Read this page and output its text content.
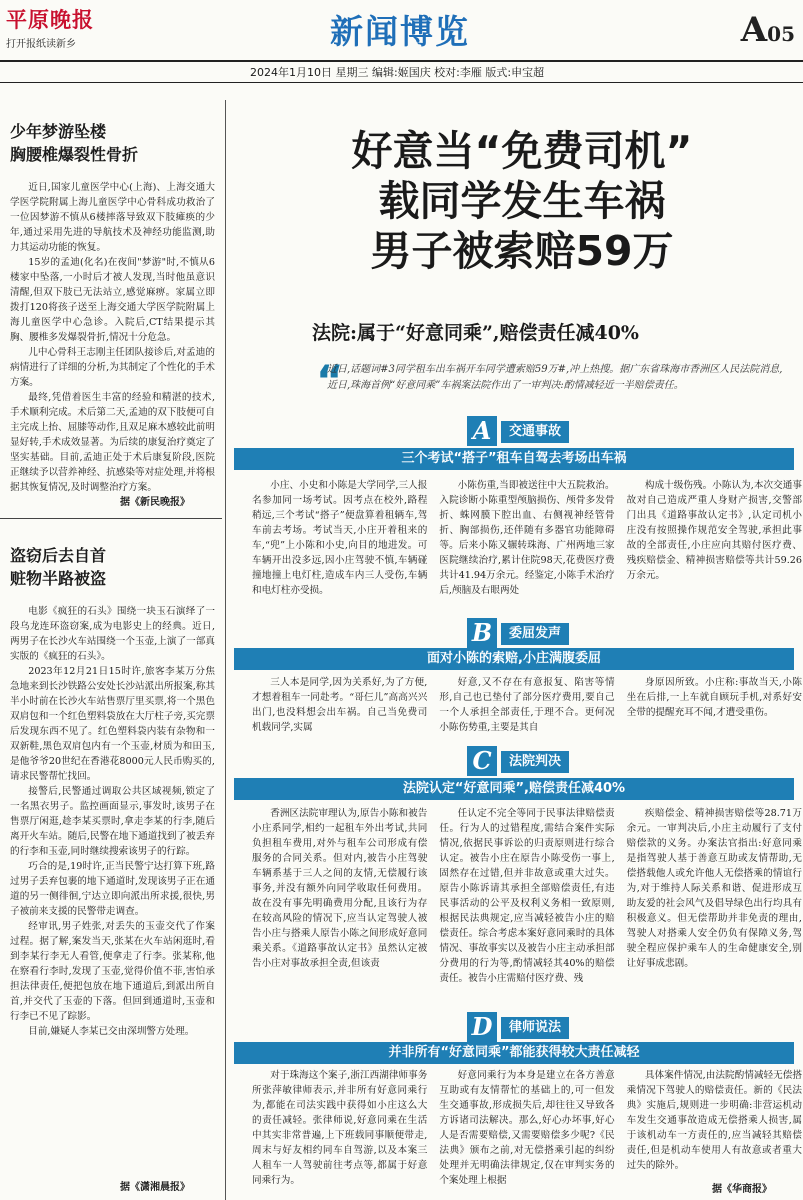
平原晚报
打开报纸读新乡	新闻博览	A05
2024年1月10日 星期三 编辑:姬国庆 校对:李雁 版式:申宝超
少年梦游坠楼
胸腰椎爆裂性骨折

近日,国家儿童医学中心(上海)、上海交通大学医学院附属上海儿童医学中心骨科成功救治了一位因梦游不慎从6楼摔落导致双下肢瘫痪的少年,通过采用先进的导航技术及神经功能监测,助力其运动功能的恢复。

15岁的孟迪(化名)在夜间"梦游"时,不慎从6楼家中坠落,一小时后才被人发现,当时他虽意识清醒,但双下肢已无法站立,感觉麻痹。家属立即拨打120将孩子送至上海交通大学医学院附属上海儿童医学中心急诊。入院后,CT结果提示其胸、腰椎多发爆裂骨折,情况十分危急。

儿中心骨科王志刚主任团队接诊后,对孟迪的病情进行了详细的分析,为其制定了个性化的手术方案。

最终,凭借着医生丰富的经验和精湛的技术,手术顺利完成。术后第二天,孟迪的双下肢便可自主完成上抬、屈膝等动作,且双足麻木感较此前明显好转,手术成效显著。为后续的康复治疗奠定了坚实基础。目前,孟迪正处于术后康复阶段,医院正继续予以营养神经、抗感染等对症处理,并将根据其恢复情况,及时调整治疗方案。

据《新民晚报》
盗窃后去自首
赃物半路被盗

电影《疯狂的石头》围绕一块玉石演绎了一段乌龙连环盗窃案,成为电影史上的经典。近日,两男子在长沙火车站围绕一个玉壶,上演了一部真实版的《疯狂的石头》。

2023年12月21日15时许,旅客李某万分焦急地来到长沙铁路公安处长沙站派出所报案,称其半小时前在长沙火车站售票厅里买票,将一个黑色双肩包和一个红色塑料袋放在大厅柱子旁,买完票后发现东西不见了。红色塑料袋内装有杂物和一双新鞋,黑色双肩包内有一个玉壶,材质为和田玉,是他爷爷20世纪在香港花8000元人民币购买的,请求民警帮忙找回。

接警后,民警通过调取公共区域视频,锁定了一名黑衣男子。监控画面显示,事发时,该男子在售票厅闲逛,趁李某买票时,拿走李某的行李,随后离开火车站。随后,民警在地下通道找到了被丢弃的行李和玉壶,同时继续搜索该男子的行踪。

巧合的是,19时许,正当民警宁达打算下班,路过男子丢弃包裹的地下通道时,发现该男子正在通道的另一侧徘徊,宁达立即向派出所求援,很快,男子被前来支援的民警带走调查。

经审讯,男子姓张,对丢失的玉壶交代了作案过程。据了解,案发当天,张某在火车站闲逛时,看到李某行李无人看管,便拿走了行李。张某称,他在察看行李时,发现了玉壶,觉得价值不菲,害怕承担法律责任,便把包放在地下通道后,到派出所自首,并交代了玉壶的下落。但回到通道时,玉壶和行李已不见了踪影。

目前,嫌疑人李某已交由深圳警方处理。

据《潇湘晨报》
好意当“免费司机”
载同学发生车祸
男子被索赔59万
法院:属于“好意同乘”,赔偿责任减40%
“
近日,话题词#3同学租车出车祸开车同学遭索赔59万#,冲上热搜。据广东省珠海市香洲区人民法院消息,近日,珠海首例“好意同乘”车祸案法院作出了一审判决:酌情减轻近一半赔偿责任。
A	交通事故
三个考试“搭子”租车自驾去考场出车祸

小庄、小史和小陈是大学同学,三人报名参加同一场考试。因考点在校外,路程稍远,三个考试“搭子”便盘算着租辆车,驾车前去考场。考试当天,小庄开着租来的车,“兜”上小陈和小史,向目的地进发。可车辆开出没多远,因小庄驾驶不慎,车辆碰撞地撞上电灯柱,造成车内三人受伤,车辆和电灯柱亦受损。

小陈伤重,当即被送往中大五院救治。入院诊断小陈重型颅脑损伤、颅骨多发骨折、蛛网膜下腔出血、右侧视神经管骨折、胸部损伤,还伴随有多器官功能障碍等。后来小陈又辗转珠海、广州两地三家医院继续治疗,累计住院98天,花费医疗费共计41.94万余元。经鉴定,小陈手术治疗后,颅脑及右眼两处

构成十级伤残。小陈认为,本次交通事故对自己造成严重人身财产损害,交警部门出具《道路事故认定书》,认定司机小庄没有按照操作规范安全驾驶,承担此事故的全部责任,小庄应向其赔付医疗费、残疾赔偿金、精神损害赔偿等共计59.26万余元。

B	委屈发声
面对小陈的索赔,小庄满腹委屈

三人本是同学,因为关系好,为了方便,才想着租车一同赴考。“哥仨儿”高高兴兴出门,也没料想会出车祸。自己当免费司机载同学,实属

好意,又不存在有意报复、陷害等情形,自己也已垫付了部分医疗费用,要自己一个人承担全部责任,于理不合。更何况小陈伤势重,主要是其自

身原因所致。小庄称:事故当天,小陈坐在后排,一上车就自顾玩手机,对系好安全带的提醒充耳不闻,才遭受重伤。

C	法院判决
法院认定“好意同乘”,赔偿责任减40%

香洲区法院审理认为,原告小陈和被告小庄系同学,相约一起租车外出考试,共同负担租车费用,对外与租车公司形成有偿服务的合同关系。但对内,被告小庄驾驶车辆系基于三人之间的友情,无偿履行该事务,并没有额外向同学收取任何费用。故在没有事先明确费用分配,且该行为存在较高风险的情况下,应当认定驾驶人被告小庄与搭乘人原告小陈之间形成好意同乘关系。《道路事故认定书》虽然认定被告小庄对事故承担全责,但该责

任认定不完全等同于民事法律赔偿责任。行为人的过错程度,需结合案件实际情况,依据民事诉讼的归责原则进行综合认定。被告小庄在原告小陈受伤一事上,固然存在过错,但并非故意或重大过失。原告小陈诉请其承担全部赔偿责任,有违民事活动的公平及权利义务相一致原则,根据民法典规定,应当减轻被告小庄的赔偿责任。综合考虑本案好意同乘时的具体情况、事故事实以及被告小庄主动承担部分费用的行为等,酌情减轻其40%的赔偿责任。被告小庄需赔付医疗费、残

疾赔偿金、精神损害赔偿等28.71万余元。一审判决后,小庄主动履行了支付赔偿款的义务。办案法官指出:好意同乘是指驾驶人基于善意互助或友情帮助,无偿搭载他人或允许他人无偿搭乘的情谊行为,对于维持人际关系和谐、促进形成互助友爱的社会风气及倡导绿色出行均具有积极意义。但无偿帮助并非免责的理由,驾驶人对搭乘人安全仍负有保障义务,驾驶全程应保护乘车人的生命健康安全,别让好事成悲剧。

D	律师说法
并非所有“好意同乘”都能获得较大责任减轻

对于珠海这个案子,浙江西湖律师事务所张萍敏律师表示,并非所有好意同乘行为,都能在司法实践中获得如小庄这么大的责任减轻。张律师说,好意同乘在生活中其实非常普遍,上下班载同事顺便带走,周末与好友相约同车自驾游,以及本案三人租车一人驾驶前往考点等,都属于好意同乘行为。

好意同乘行为本身是建立在各方善意互助或有友情帮忙的基础上的,可一但发生交通事故,形成损失后,却往往又导致各方诉诸司法解决。那么,好心办坏事,好心人是否需要赔偿,又需要赔偿多少呢?《民法典》颁布之前,对无偿搭乘引起的纠纷处理并无明确法律规定,仅在审判实务的个案处理上根据

具体案件情况,由法院酌情减轻无偿搭乘情况下驾驶人的赔偿责任。新的《民法典》实施后,规则进一步明确:非营运机动车发生交通事故造成无偿搭乘人损害,属于该机动车一方责任的,应当减轻其赔偿责任,但是机动车使用人有故意或者重大过失的除外。

据《华商报》
